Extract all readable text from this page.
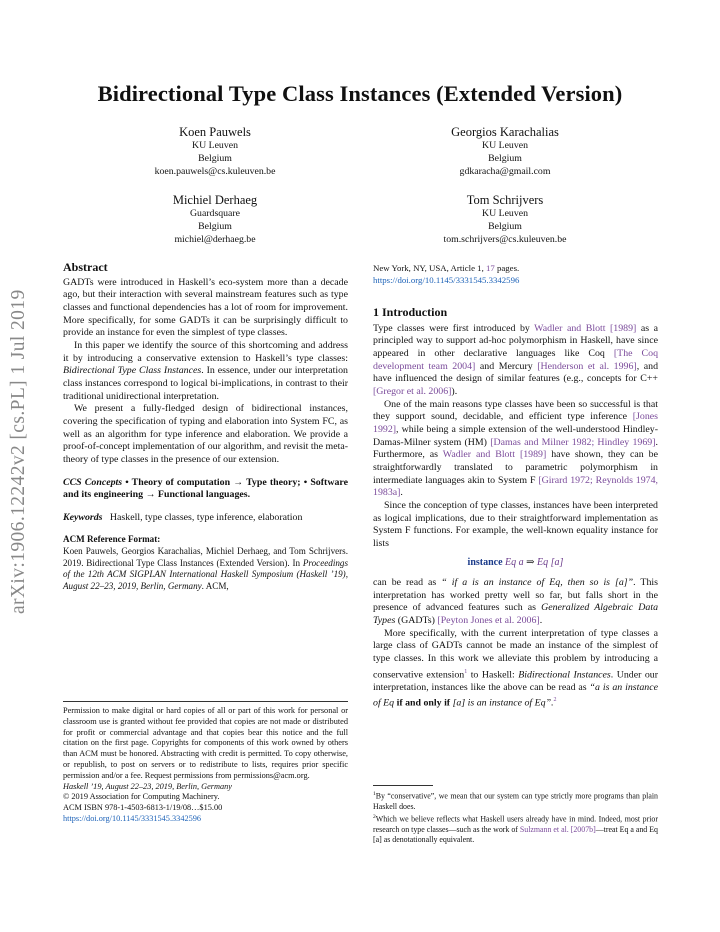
Bidirectional Type Class Instances (Extended Version)
Koen Pauwels
KU Leuven
Belgium
koen.pauwels@cs.kuleuven.be
Georgios Karachalias
KU Leuven
Belgium
gdkaracha@gmail.com
Michiel Derhaeg
Guardsquare
Belgium
michiel@derhaeg.be
Tom Schrijvers
KU Leuven
Belgium
tom.schrijvers@cs.kuleuven.be
arXiv:1906.12242v2 [cs.PL] 1 Jul 2019
Abstract

GADTs were introduced in Haskell’s eco-system more than a decade ago, but their interaction with several mainstream features such as type classes and functional dependencies has a lot of room for improvement. More specifically, for some GADTs it can be surprisingly difficult to provide an instance for even the simplest of type classes.

In this paper we identify the source of this shortcoming and address it by introducing a conservative extension to Haskell’s type classes: Bidirectional Type Class Instances. In essence, under our interpretation class instances correspond to logical bi-implications, in contrast to their traditional unidirectional interpretation.

We present a fully-fledged design of bidirectional instances, covering the specification of typing and elaboration into System FC, as well as an algorithm for type inference and elaboration. We provide a proof-of-concept implementation of our algorithm, and revisit the meta-theory of type classes in the presence of our extension.

CCS Concepts • Theory of computation → Type theory; • Software and its engineering → Functional languages.

Keywords Haskell, type classes, type inference, elaboration

ACM Reference Format:

Koen Pauwels, Georgios Karachalias, Michiel Derhaeg, and Tom Schrijvers. 2019. Bidirectional Type Class Instances (Extended Version). In Proceedings of the 12th ACM SIGPLAN International Haskell Symposium (Haskell ’19), August 22–23, 2019, Berlin, Germany. ACM,

Permission to make digital or hard copies of all or part of this work for personal or classroom use is granted without fee provided that copies are not made or distributed for profit or commercial advantage and that copies bear this notice and the full citation on the first page. Copyrights for components of this work owned by others than ACM must be honored. Abstracting with credit is permitted. To copy otherwise, or republish, to post on servers or to redistribute to lists, requires prior specific permission and/or a fee. Request permissions from permissions@acm.org.

Haskell ’19, August 22–23, 2019, Berlin, Germany
© 2019 Association for Computing Machinery.
ACM ISBN 978-1-4503-6813-1/19/08…$15.00
https://doi.org/10.1145/3331545.3342596
New York, NY, USA, Article 1, 17 pages. https://doi.org/10.1145/3331545.3342596
1 Introduction

Type classes were first introduced by Wadler and Blott [1989] as a principled way to support ad-hoc polymorphism in Haskell, have since appeared in other declarative languages like Coq [The Coq development team 2004] and Mercury [Henderson et al. 1996], and have influenced the design of similar features (e.g., concepts for C++ [Gregor et al. 2006]).

One of the main reasons type classes have been so successful is that they support sound, decidable, and efficient type inference [Jones 1992], while being a simple extension of the well-understood Hindley-Damas-Milner system (HM) [Damas and Milner 1982; Hindley 1969]. Furthermore, as Wadler and Blott [1989] have shown, they can be straightforwardly translated to parametric polymorphism in intermediate languages akin to System F [Girard 1972; Reynolds 1974, 1983a].

Since the conception of type classes, instances have been interpreted as logical implications, due to their straightforward implementation as System F functions. For example, the well-known equality instance for lists

instance Eq a ⇒ Eq [a]

can be read as “ if a is an instance of Eq, then so is [a]”. This interpretation has worked pretty well so far, but falls short in the presence of advanced features such as Generalized Algebraic Data Types (GADTs) [Peyton Jones et al. 2006].

More specifically, with the current interpretation of type classes a large class of GADTs cannot be made an instance of the simplest of type classes. In this work we alleviate this problem by introducing a conservative extension$^1$ to Haskell: Bidirectional Instances. Under our interpretation, instances like the above can be read as “a is an instance of Eq if and only if [a] is an instance of Eq”.$^2$

$^1$By “conservative”, we mean that our system can type strictly more programs than plain Haskell does.

$^2$Which we believe reflects what Haskell users already have in mind. Indeed, most prior research on type classes—such as the work of Sulzmann et al. [2007b]—treat Eq a and Eq [a] as denotationally equivalent.
